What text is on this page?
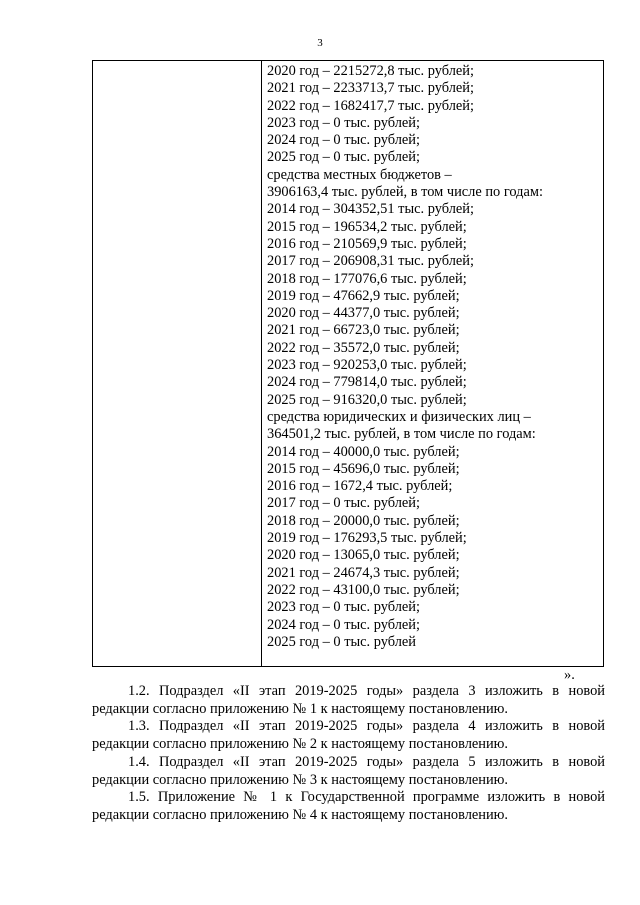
3
2020 год – 2215272,8 тыс. рублей;
2021 год – 2233713,7 тыс. рублей;
2022 год – 1682417,7 тыс. рублей;
2023 год – 0 тыс. рублей;
2024 год – 0 тыс. рублей;
2025 год – 0 тыс. рублей;
средства местных бюджетов –
3906163,4 тыс. рублей, в том числе по годам:
2014 год – 304352,51 тыс. рублей;
2015 год – 196534,2 тыс. рублей;
2016 год – 210569,9 тыс. рублей;
2017 год – 206908,31 тыс. рублей;
2018 год – 177076,6 тыс. рублей;
2019 год – 47662,9 тыс. рублей;
2020 год – 44377,0 тыс. рублей;
2021 год – 66723,0 тыс. рублей;
2022 год – 35572,0 тыс. рублей;
2023 год – 920253,0 тыс. рублей;
2024 год – 779814,0 тыс. рублей;
2025 год – 916320,0 тыс. рублей;
средства юридических и физических лиц –
364501,2 тыс. рублей, в том числе по годам:
2014 год – 40000,0 тыс. рублей;
2015 год – 45696,0 тыс. рублей;
2016 год – 1672,4 тыс. рублей;
2017 год – 0 тыс. рублей;
2018 год – 20000,0 тыс. рублей;
2019 год – 176293,5 тыс. рублей;
2020 год – 13065,0 тыс. рублей;
2021 год – 24674,3 тыс. рублей;
2022 год – 43100,0 тыс. рублей;
2023 год – 0 тыс. рублей;
2024 год – 0 тыс. рублей;
2025 год – 0 тыс. рублей
».

1.2. Подраздел «II этап 2019-2025 годы» раздела 3 изложить в новой редакции согласно приложению № 1 к настоящему постановлению.

1.3. Подраздел «II этап 2019-2025 годы» раздела 4 изложить в новой редакции согласно приложению № 2 к настоящему постановлению.

1.4. Подраздел «II этап 2019-2025 годы» раздела 5 изложить в новой редакции согласно приложению № 3 к настоящему постановлению.

1.5. Приложение № 1 к Государственной программе изложить в новой редакции согласно приложению № 4 к настоящему постановлению.
